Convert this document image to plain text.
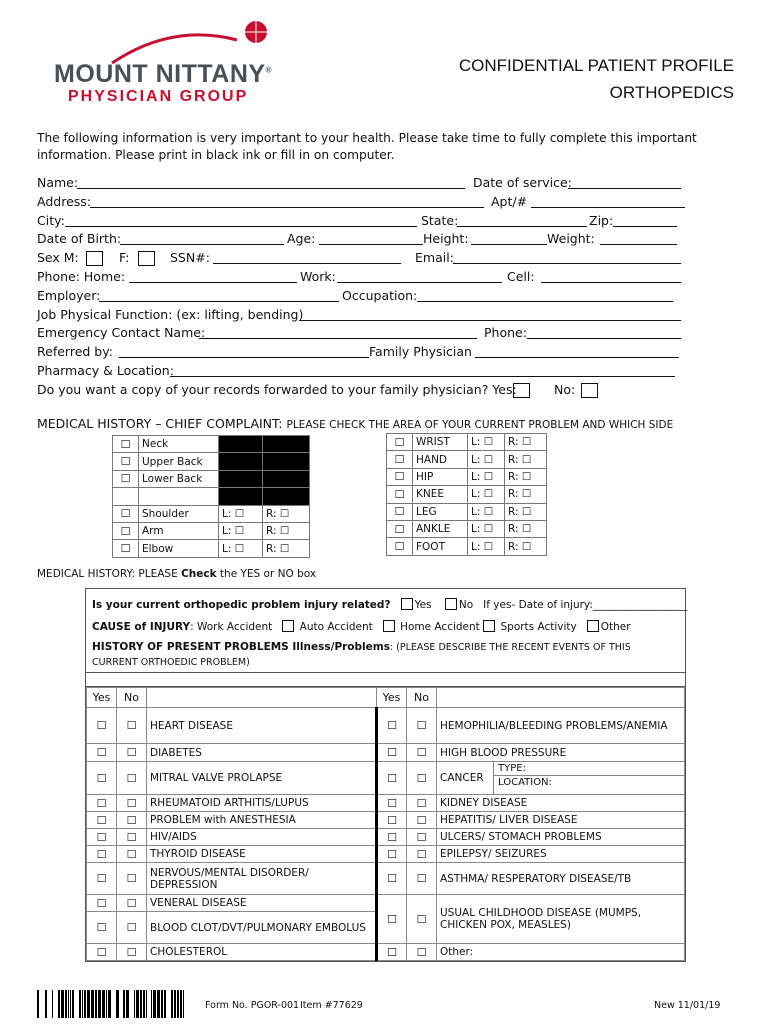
MOUNT NITTANY®
PHYSICIAN GROUP
CONFIDENTIAL PATIENT PROFILE
ORTHOPEDICS
The following information is very important to your health. Please take time to fully complete this important information. Please print in black ink or fill in on computer.
Name:	Date of service:
Address:	Apt/#
City:	State:	Zip:
Date of Birth:	Age:	Height:	Weight:
Sex M:	F:	SSN#:	Email:
Phone: Home:	Work:	Cell:
Employer:	Occupation:
Job Physical Function: (ex: lifting, bending)
Emergency Contact Name:	Phone:
Referred by:	Family Physician
Pharmacy & Location:
Do you want a copy of your records forwarded to your family physician? Yes:	No:
MEDICAL HISTORY – CHIEF COMPLAINT: PLEASE CHECK THE AREA OF YOUR CURRENT PROBLEM AND WHICH SIDE
☐	Neck		
☐	Upper Back		
☐	Lower Back		

☐	Shoulder	L: ☐	R: ☐
☐	Arm	L: ☐	R: ☐
☐	Elbow	L: ☐	R: ☐
☐	WRIST	L: ☐	R: ☐
☐	HAND	L: ☐	R: ☐
☐	HIP	L: ☐	R: ☐
☐	KNEE	L: ☐	R: ☐
☐	LEG	L: ☐	R: ☐
☐	ANKLE	L: ☐	R: ☐
☐	FOOT	L: ☐	R: ☐
MEDICAL HISTORY: PLEASE Check the YES or NO box
Is your current orthopedic problem injury related? Yes	No If yes- Date of injury:__________________
CAUSE of INJURY: Work Accident	Auto Accident	Home Accident Sports Activity Other
HISTORY OF PRESENT PROBLEMS Illness/Problems: (PLEASE DESCRIBE THE RECENT EVENTS OF THIS CURRENT ORTHOEDIC PROBLEM)
Yes	No		Yes	No	
☐	☐	HEART DISEASE	☐	☐	HEMOPHILIA/BLEEDING PROBLEMS/ANEMIA
☐	☐	DIABETES	☐	☐	HIGH BLOOD PRESSURE
☐	☐	MITRAL VALVE PROLAPSE	☐	☐	CANCER
TYPE:
LOCATION:

☐	☐	RHEUMATOID ARTHITIS/LUPUS	☐	☐	KIDNEY DISEASE
☐	☐	PROBLEM with ANESTHESIA	☐	☐	HEPATITIS/ LIVER DISEASE
☐	☐	HIV/AIDS	☐	☐	ULCERS/ STOMACH PROBLEMS
☐	☐	THYROID DISEASE	☐	☐	EPILEPSY/ SEIZURES
☐	☐	NERVOUS/MENTAL DISORDER/ DEPRESSION	☐	☐	ASTHMA/ RESPERATORY DISEASE/TB
☐	☐	VENERAL DISEASE	☐	☐	USUAL CHILDHOOD DISEASE (MUMPS, CHICKEN POX, MEASLES)
☐	☐	BLOOD CLOT/DVT/PULMONARY EMBOLUS			
☐	☐	CHOLESTEROL	☐	☐	Other:
Form No. PGOR-001 Item #77629	New 11/01/19
